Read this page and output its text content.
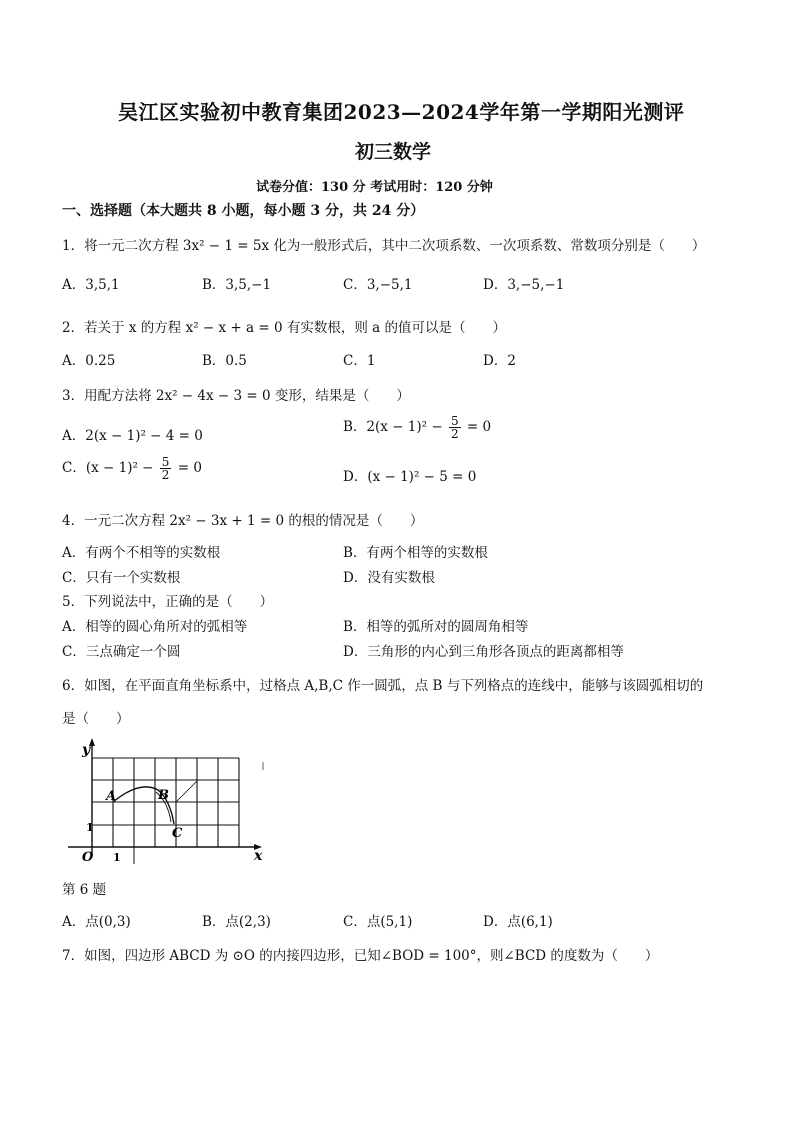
吴江区实验初中教育集团2023—2024学年第一学期阳光测评
初三数学
试卷分值：130 分 考试用时：120 分钟
一、选择题（本大题共 8 小题，每小题 3 分，共 24 分）
1．将一元二次方程 3x² − 1 = 5x 化为一般形式后，其中二次项系数、一次项系数、常数项分别是（　　）
A．3,5,1	B．3,5,−1	C．3,−5,1	D．3,−5,−1
2．若关于 x 的方程 x² − x + a = 0 有实数根，则 a 的值可以是（　　）
A．0.25	B．0.5	C．1	D．2
3．用配方法将 2x² − 4x − 3 = 0 变形，结果是（　　）
A．2(x − 1)² − 4 = 0
B．$2(x - 1)^2 - \frac{5}{2} = 0$
C．$(x - 1)^2 - \frac{5}{2} = 0$
D．(x − 1)² − 5 = 0
4．一元二次方程 2x² − 3x + 1 = 0 的根的情况是（　　）
A．有两个不相等的实数根	B．有两个相等的实数根
C．只有一个实数根	D．没有实数根
5．下列说法中，正确的是（　　）
A．相等的圆心角所对的弧相等	B．相等的弧所对的圆周角相等
C．三点确定一个圆	D．三角形的内心到三角形各顶点的距离都相等
6．如图，在平面直角坐标系中，过格点 A,B,C 作一圆弧，点 B 与下列格点的连线中，能够与该圆弧相切的
是（　　）
y
x
O 1
1
A	B
C
第 6 题
A．点(0,3)	B．点(2,3)	C．点(5,1)	D．点(6,1)
7．如图，四边形 ABCD 为 ⊙O 的内接四边形，已知∠BOD = 100°，则∠BCD 的度数为（　　）
